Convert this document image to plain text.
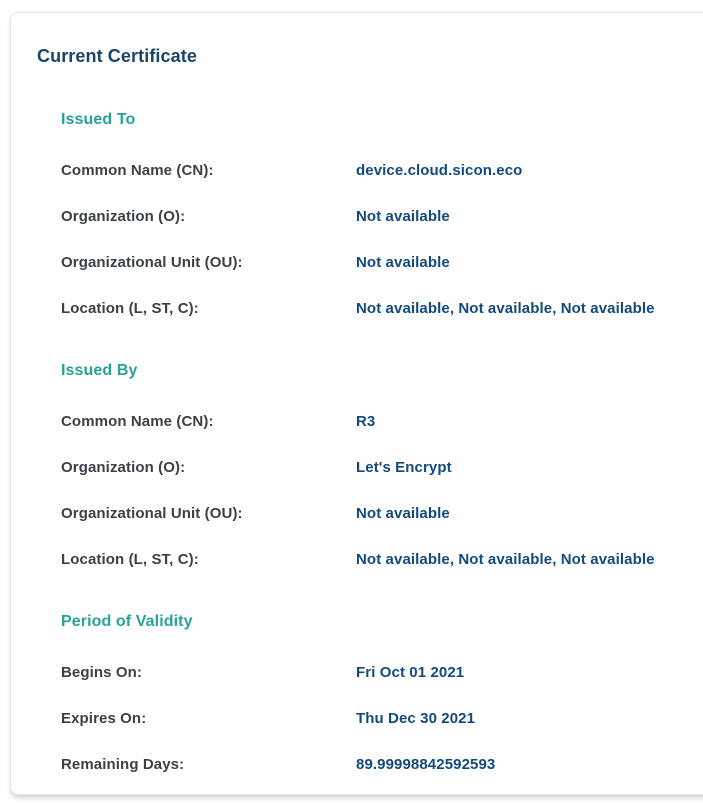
Current Certificate
Issued To
Common Name (CN):	device.cloud.sicon.eco
Organization (O):	Not available
Organizational Unit (OU):	Not available
Location (L, ST, C):	Not available, Not available, Not available
Issued By
Common Name (CN):	R3
Organization (O):	Let's Encrypt
Organizational Unit (OU):	Not available
Location (L, ST, C):	Not available, Not available, Not available
Period of Validity
Begins On:	Fri Oct 01 2021
Expires On:	Thu Dec 30 2021
Remaining Days:	89.99998842592593
